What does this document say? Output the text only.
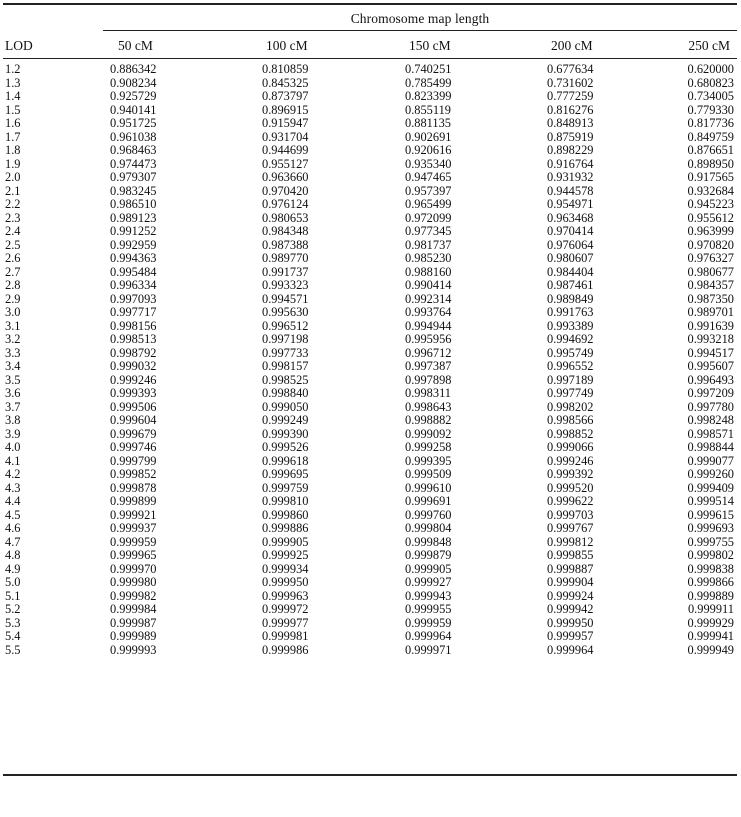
Chromosome map length
LOD	50 cM	100 cM	150 cM	200 cM	250 cM
1.2	0.886342	0.810859	0.740251	0.677634	0.620000
1.3	0.908234	0.845325	0.785499	0.731602	0.680823
1.4	0.925729	0.873797	0.823399	0.777259	0.734005
1.5	0.940141	0.896915	0.855119	0.816276	0.779330
1.6	0.951725	0.915947	0.881135	0.848913	0.817736
1.7	0.961038	0.931704	0.902691	0.875919	0.849759
1.8	0.968463	0.944699	0.920616	0.898229	0.876651
1.9	0.974473	0.955127	0.935340	0.916764	0.898950
2.0	0.979307	0.963660	0.947465	0.931932	0.917565
2.1	0.983245	0.970420	0.957397	0.944578	0.932684
2.2	0.986510	0.976124	0.965499	0.954971	0.945223
2.3	0.989123	0.980653	0.972099	0.963468	0.955612
2.4	0.991252	0.984348	0.977345	0.970414	0.963999
2.5	0.992959	0.987388	0.981737	0.976064	0.970820
2.6	0.994363	0.989770	0.985230	0.980607	0.976327
2.7	0.995484	0.991737	0.988160	0.984404	0.980677
2.8	0.996334	0.993323	0.990414	0.987461	0.984357
2.9	0.997093	0.994571	0.992314	0.989849	0.987350
3.0	0.997717	0.995630	0.993764	0.991763	0.989701
3.1	0.998156	0.996512	0.994944	0.993389	0.991639
3.2	0.998513	0.997198	0.995956	0.994692	0.993218
3.3	0.998792	0.997733	0.996712	0.995749	0.994517
3.4	0.999032	0.998157	0.997387	0.996552	0.995607
3.5	0.999246	0.998525	0.997898	0.997189	0.996493
3.6	0.999393	0.998840	0.998311	0.997749	0.997209
3.7	0.999506	0.999050	0.998643	0.998202	0.997780
3.8	0.999604	0.999249	0.998882	0.998566	0.998248
3.9	0.999679	0.999390	0.999092	0.998852	0.998571
4.0	0.999746	0.999526	0.999258	0.999066	0.998844
4.1	0.999799	0.999618	0.999395	0.999246	0.999077
4.2	0.999852	0.999695	0.999509	0.999392	0.999260
4.3	0.999878	0.999759	0.999610	0.999520	0.999409
4.4	0.999899	0.999810	0.999691	0.999622	0.999514
4.5	0.999921	0.999860	0.999760	0.999703	0.999615
4.6	0.999937	0.999886	0.999804	0.999767	0.999693
4.7	0.999959	0.999905	0.999848	0.999812	0.999755
4.8	0.999965	0.999925	0.999879	0.999855	0.999802
4.9	0.999970	0.999934	0.999905	0.999887	0.999838
5.0	0.999980	0.999950	0.999927	0.999904	0.999866
5.1	0.999982	0.999963	0.999943	0.999924	0.999889
5.2	0.999984	0.999972	0.999955	0.999942	0.999911
5.3	0.999987	0.999977	0.999959	0.999950	0.999929
5.4	0.999989	0.999981	0.999964	0.999957	0.999941
5.5	0.999993	0.999986	0.999971	0.999964	0.999949
